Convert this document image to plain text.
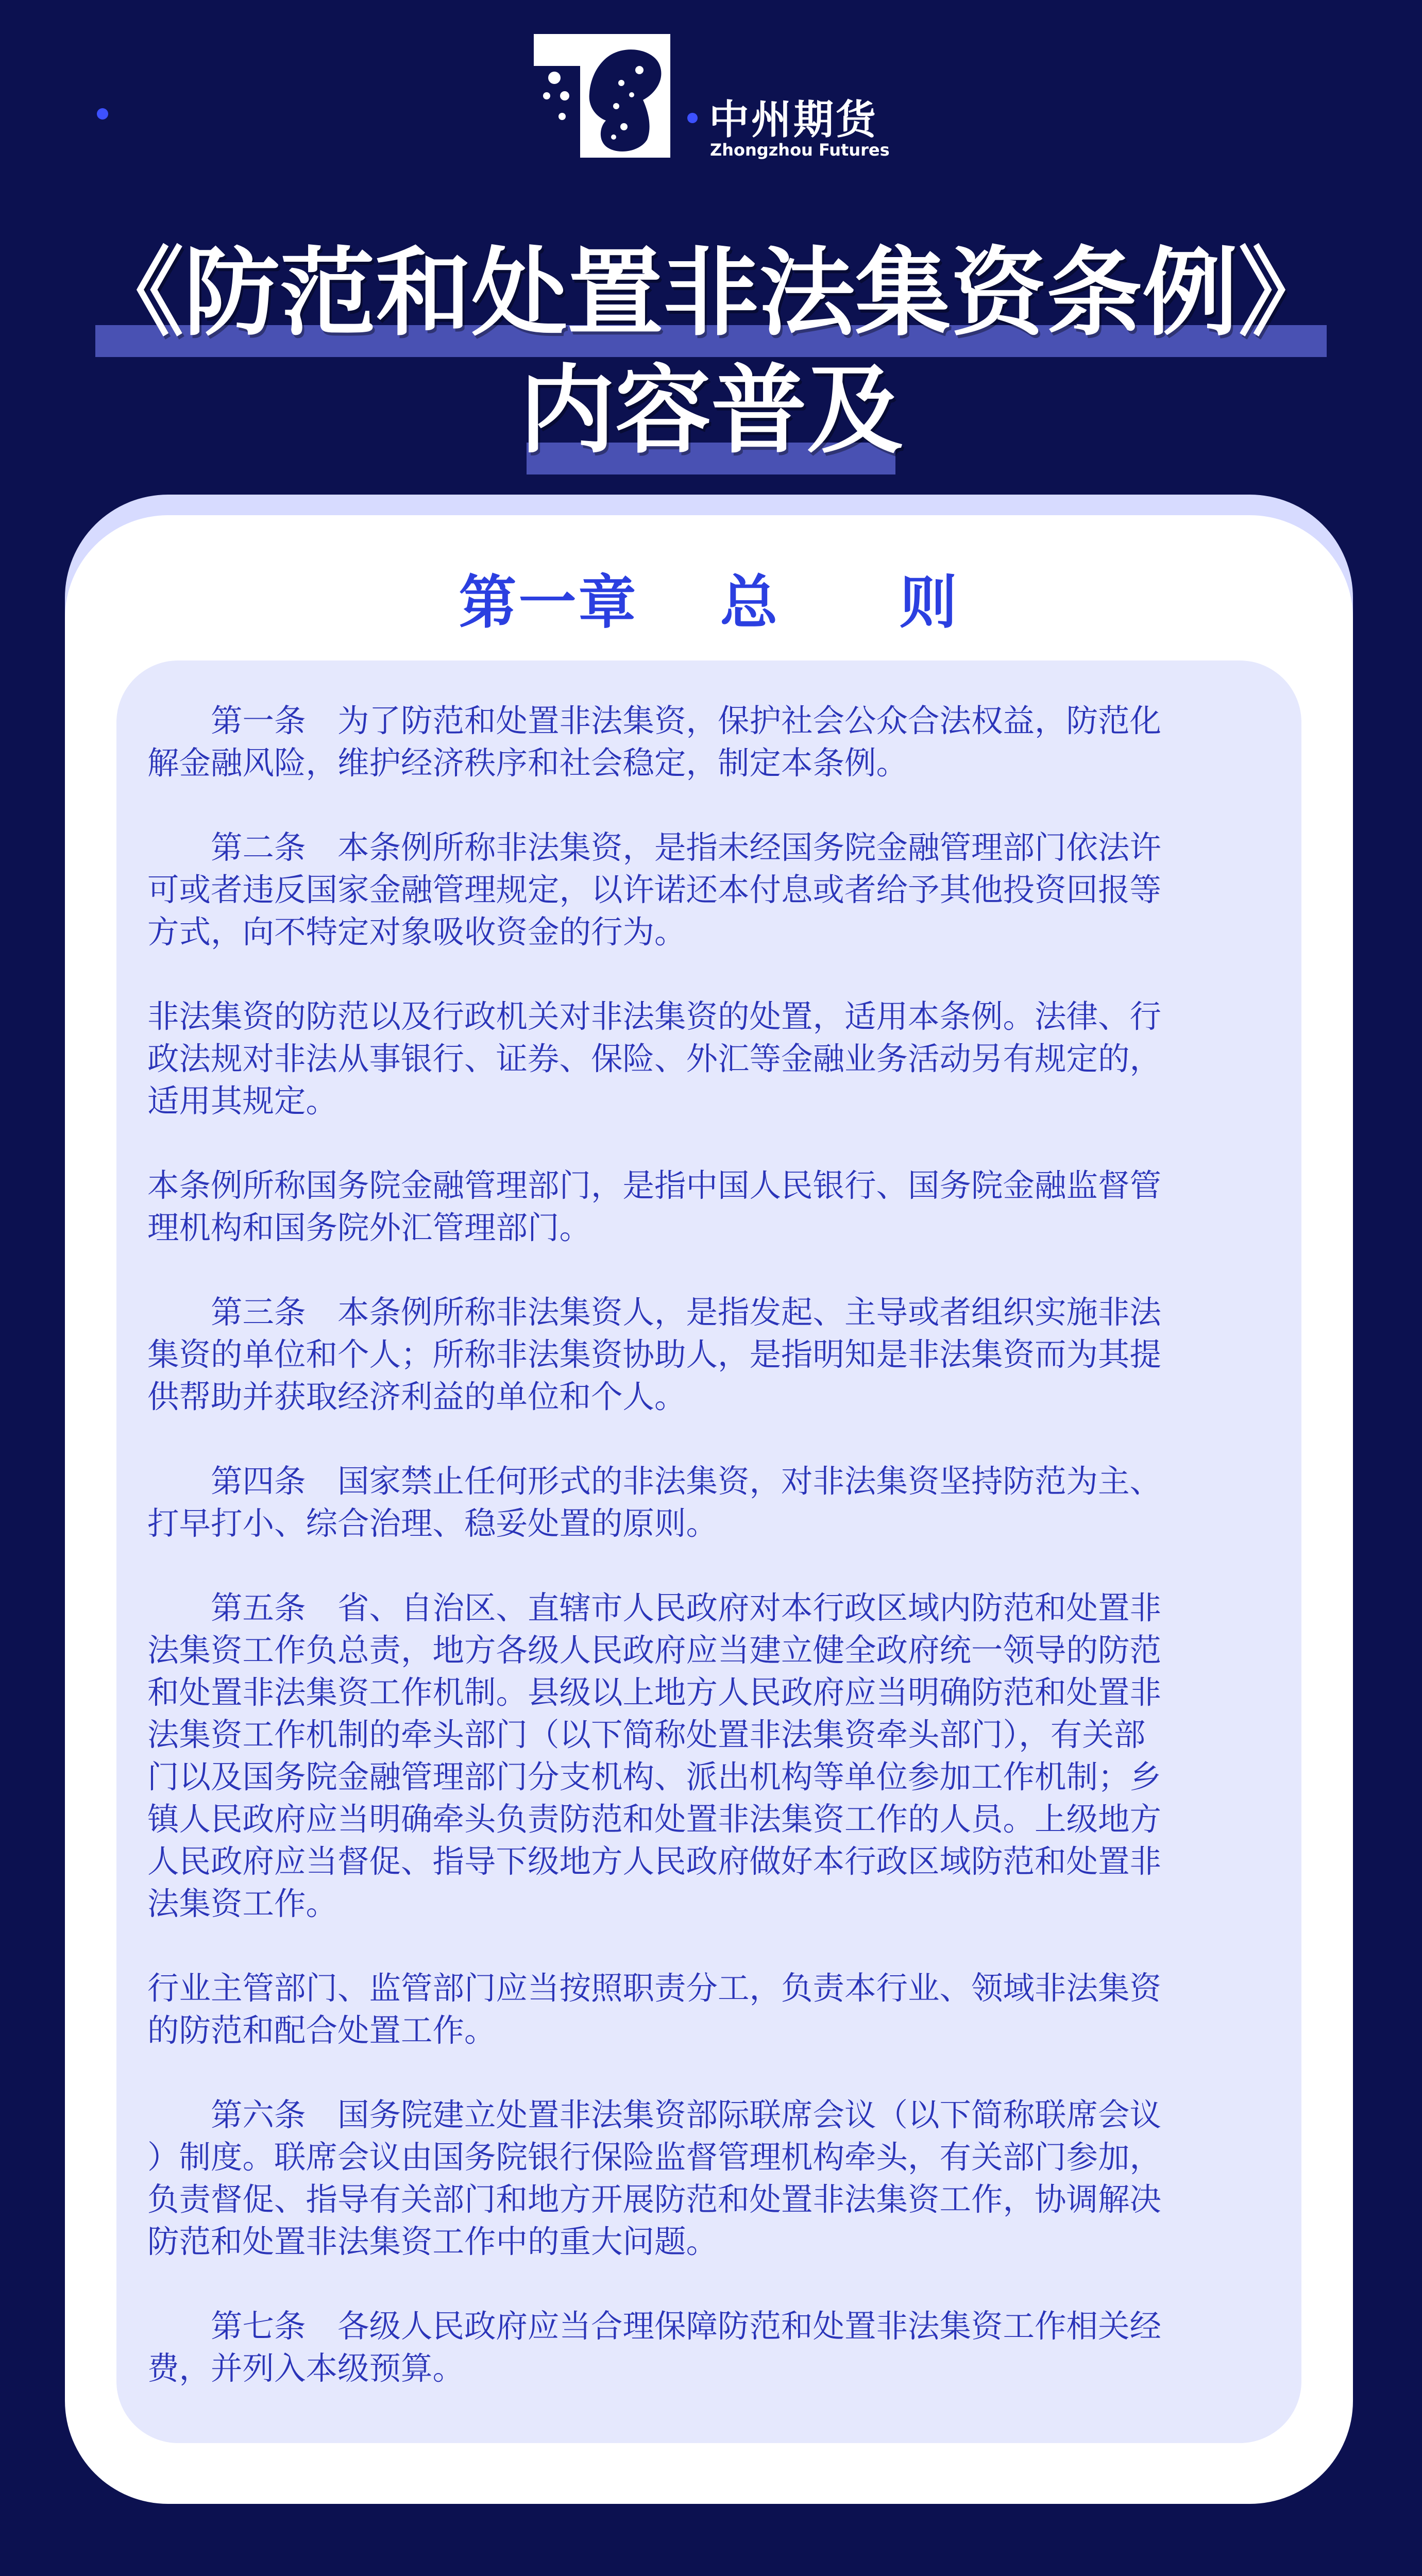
中州期货
Zhongzhou Futures
《防范和处置非法集资条例》
内容普及
第一章　 总　　则
　　第一条　为了防范和处置非法集资，保护社会公众合法权益，防范化
解金融风险，维护经济秩序和社会稳定，制定本条例。
　　第二条　本条例所称非法集资，是指未经国务院金融管理部门依法许
可或者违反国家金融管理规定，以许诺还本付息或者给予其他投资回报等
方式，向不特定对象吸收资金的行为。
非法集资的防范以及行政机关对非法集资的处置，适用本条例。法律、行
政法规对非法从事银行、证券、保险、外汇等金融业务活动另有规定的，
适用其规定。
本条例所称国务院金融管理部门，是指中国人民银行、国务院金融监督管
理机构和国务院外汇管理部门。
　　第三条　本条例所称非法集资人，是指发起、主导或者组织实施非法
集资的单位和个人；所称非法集资协助人，是指明知是非法集资而为其提
供帮助并获取经济利益的单位和个人。
　　第四条　国家禁止任何形式的非法集资，对非法集资坚持防范为主、
打早打小、综合治理、稳妥处置的原则。
　　第五条　省、自治区、直辖市人民政府对本行政区域内防范和处置非
法集资工作负总责，地方各级人民政府应当建立健全政府统一领导的防范
和处置非法集资工作机制。县级以上地方人民政府应当明确防范和处置非
法集资工作机制的牵头部门（以下简称处置非法集资牵头部门），有关部
门以及国务院金融管理部门分支机构、派出机构等单位参加工作机制；乡
镇人民政府应当明确牵头负责防范和处置非法集资工作的人员。上级地方
人民政府应当督促、指导下级地方人民政府做好本行政区域防范和处置非
法集资工作。
行业主管部门、监管部门应当按照职责分工，负责本行业、领域非法集资
的防范和配合处置工作。
　　第六条　国务院建立处置非法集资部际联席会议（以下简称联席会议
）制度。联席会议由国务院银行保险监督管理机构牵头，有关部门参加，
负责督促、指导有关部门和地方开展防范和处置非法集资工作，协调解决
防范和处置非法集资工作中的重大问题。
　　第七条　各级人民政府应当合理保障防范和处置非法集资工作相关经
费，并列入本级预算。
